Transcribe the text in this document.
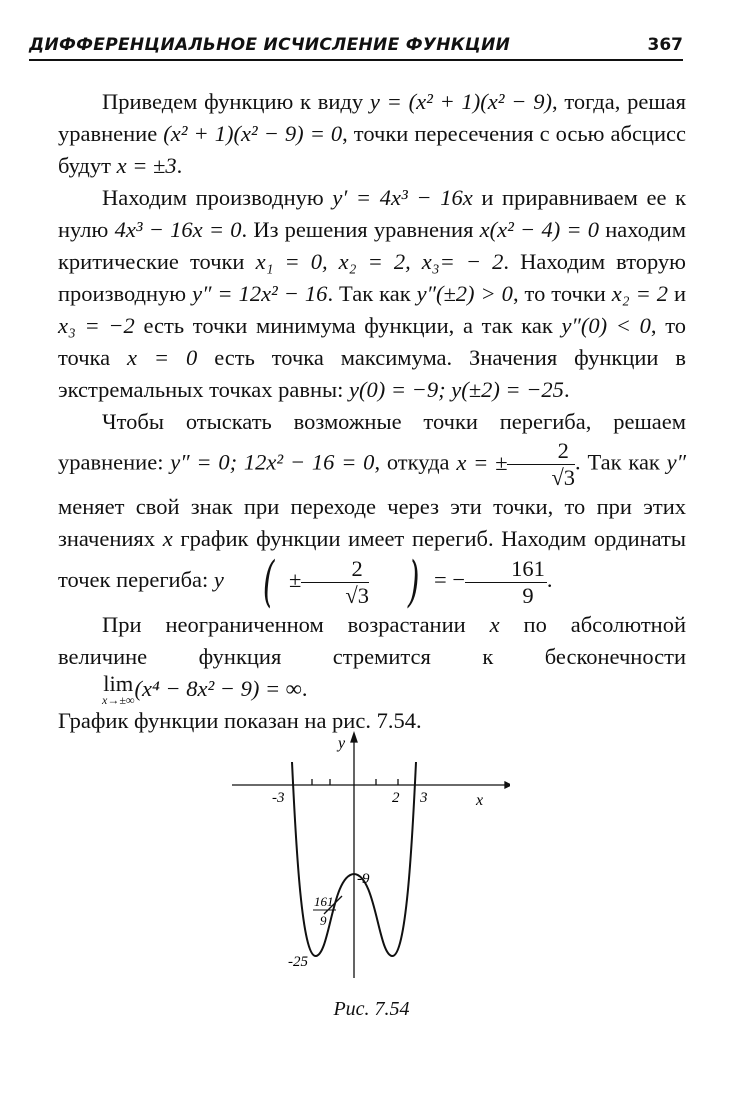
ДИФФЕРЕНЦИАЛЬНОЕ ИСЧИСЛЕНИЕ ФУНКЦИИ	367

Приведем функцию к виду y = (x² + 1)(x² − 9), тогда, решая уравнение (x² + 1)(x² − 9) = 0, точки пересечения с осью абсцисс будут x = ±3.

Находим производную y′ = 4x³ − 16x и приравниваем ее к нулю 4x³ − 16x = 0. Из решения уравнения x(x² − 4) = 0 находим критические точки x₁ = 0, x₂ = 2, x₃= − 2. Находим вторую производную y″ = 12x² − 16. Так как y″(±2) > 0, то точки x₂ = 2 и x₃ = −2 есть точки минимума функции, а так как y″(0) < 0, то точка x = 0 есть точка максимума. Значения функции в экстремальных точках равны: y(0) = −9; y(±2) = −25.

Чтобы отыскать возможные точки перегиба, решаем уравнение: y″ = 0; 12x² − 16 = 0, откуда x = ± $\frac{2}{√3}$ . Так как y″ меняет свой знак при переходе через эти точки, то при этих значениях x график функции имеет перегиб. Находим ординаты точек перегиба: y ( ± $\frac{2}{√3}$ ) = − $\frac{161}{9}$ .

При неограниченном возрастании x по абсолютной величине функция стремится к бесконечности lim
x→±∞ (x⁴ − 8x² − 9) = ∞.

График функции показан на рис. 7.54.

y
x
-3	2 3
-9
161
9
-25
Рис. 7.54
